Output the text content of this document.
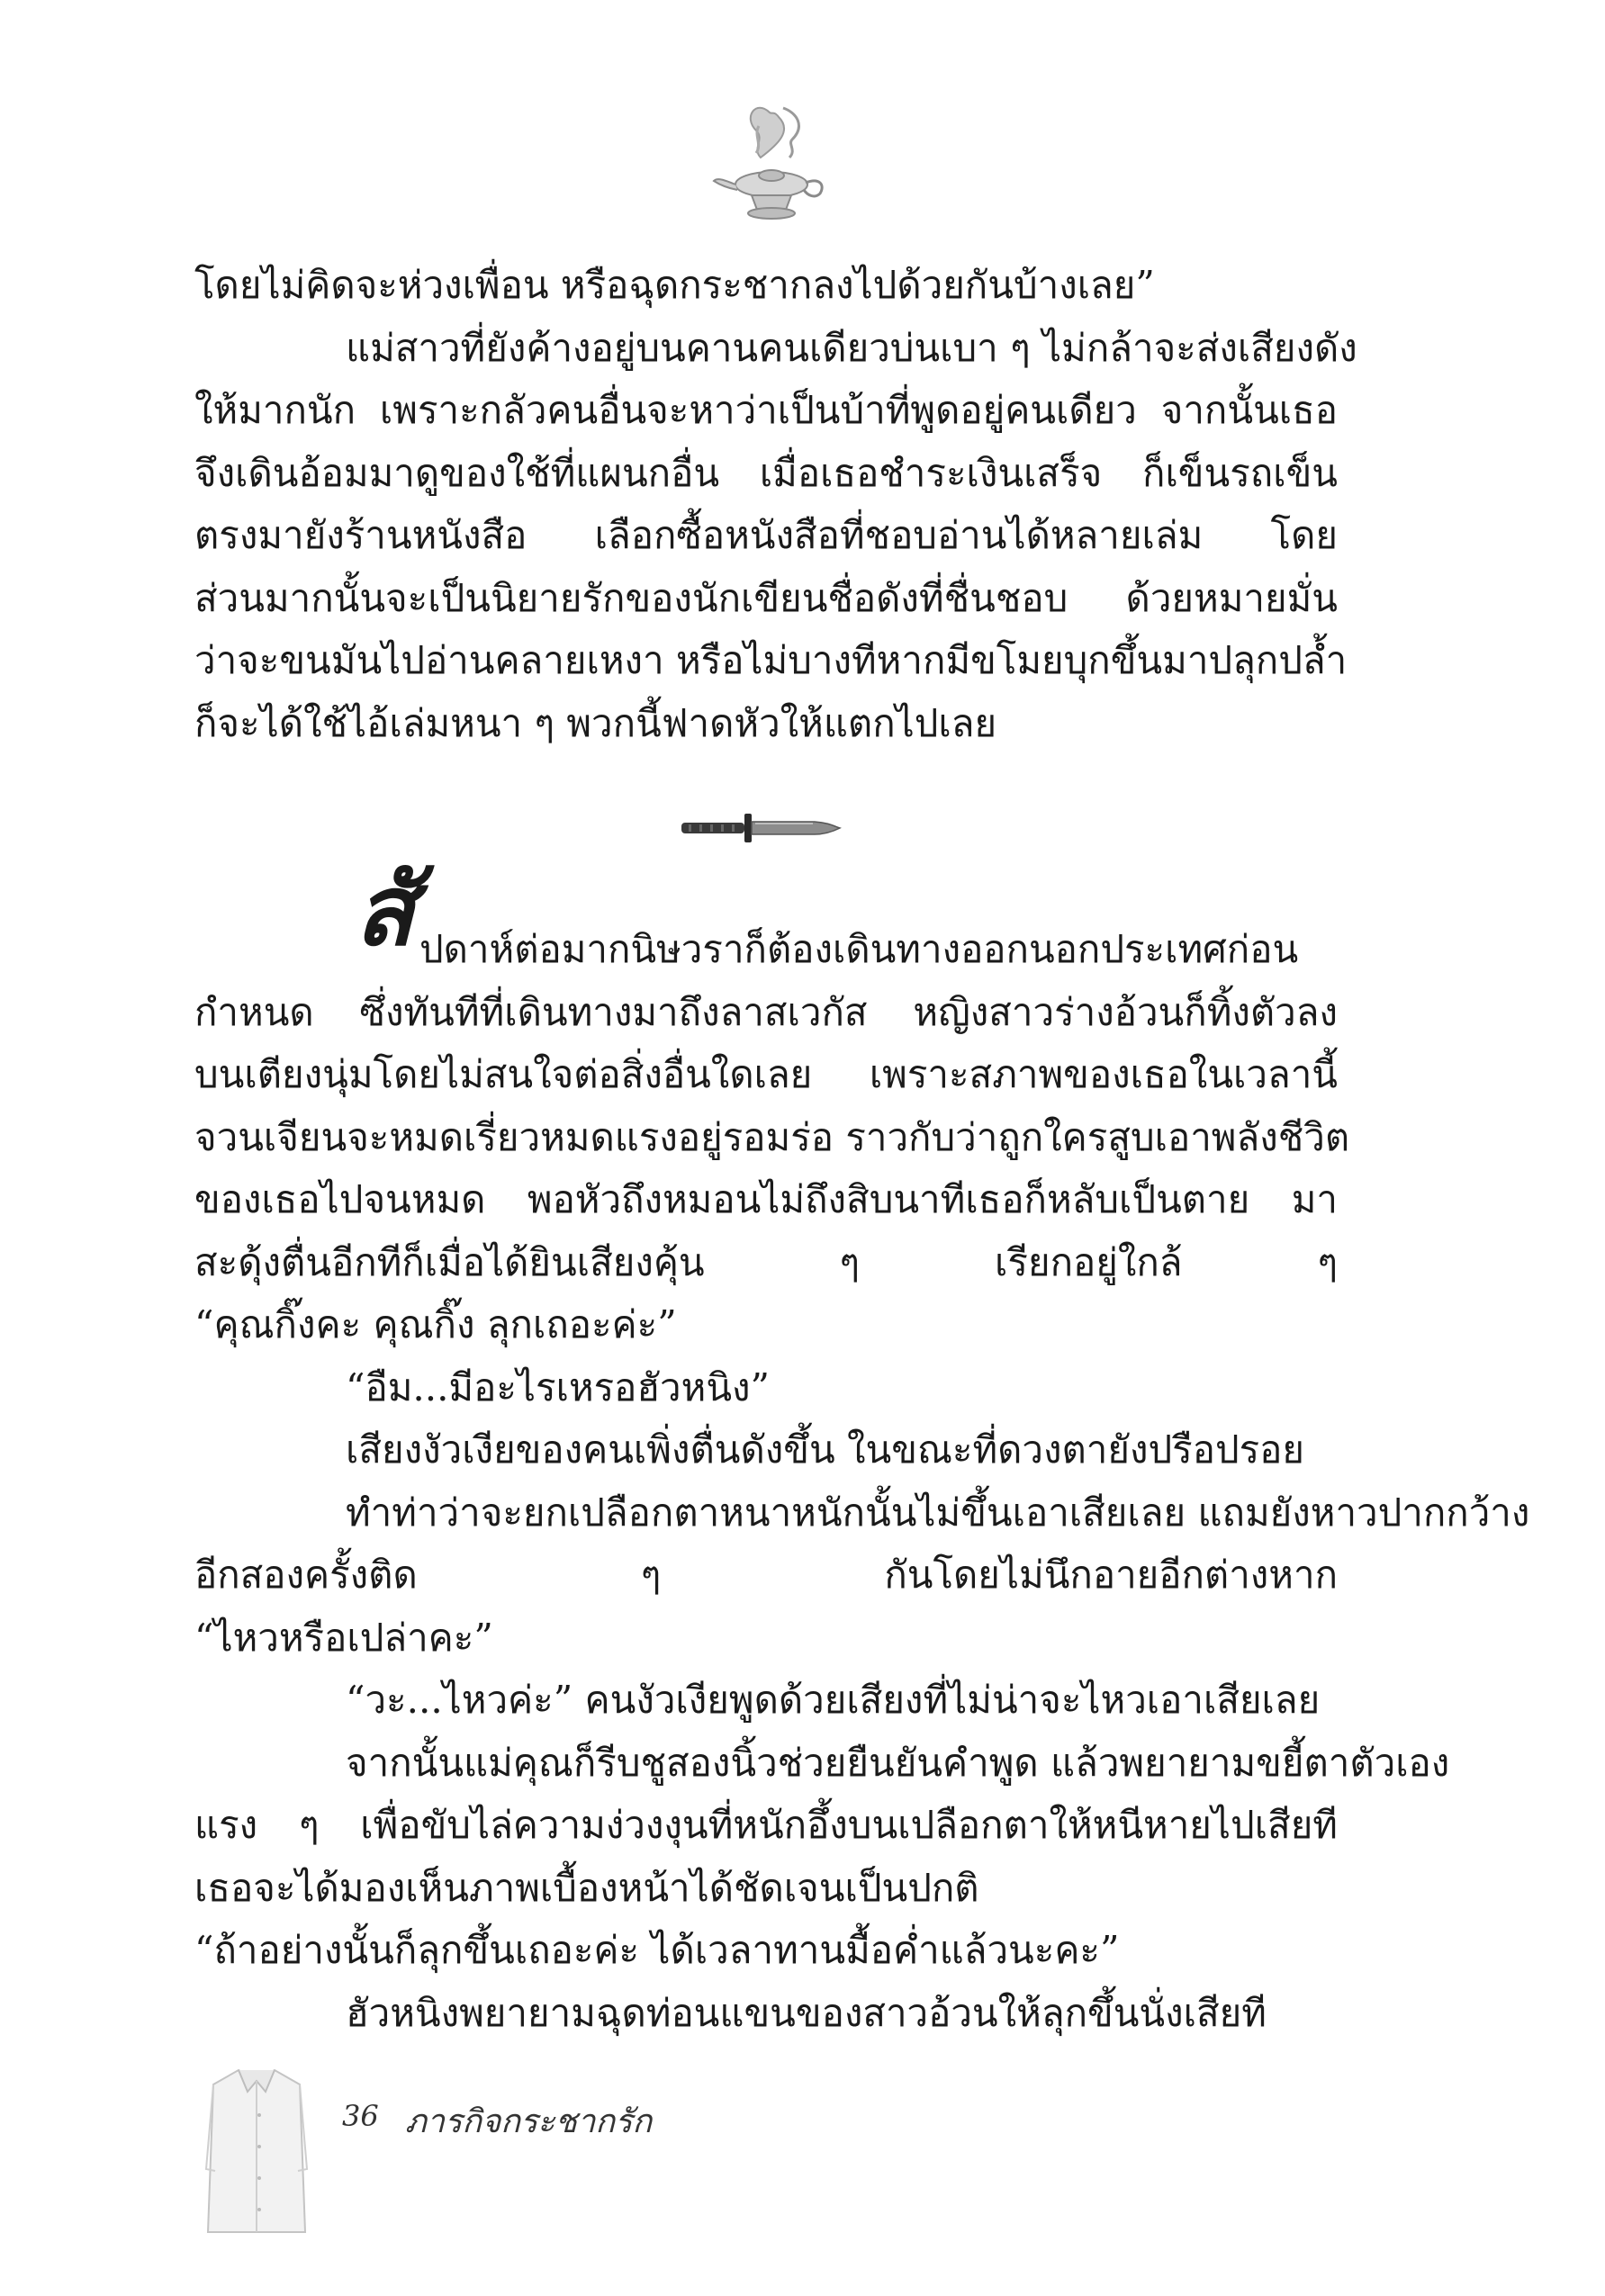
โดยไม่คิดจะห่วงเพื่อน หรือฉุดกระชากลงไปด้วยกันบ้างเลย”
แม่สาวที่ยังค้างอยู่บนคานคนเดียวบ่นเบา ๆ ไม่กล้าจะส่งเสียงดัง
ให้มากนัก เพราะกลัวคนอื่นจะหาว่าเป็นบ้าที่พูดอยู่คนเดียว จากนั้นเธอ
จึงเดินอ้อมมาดูของใช้ที่แผนกอื่น เมื่อเธอชำระเงินเสร็จ ก็เข็นรถเข็น
ตรงมายังร้านหนังสือ เลือกซื้อหนังสือที่ชอบอ่านได้หลายเล่ม โดย
ส่วนมากนั้นจะเป็นนิยายรักของนักเขียนชื่อดังที่ชื่นชอบ ด้วยหมายมั่น
ว่าจะขนมันไปอ่านคลายเหงา หรือไม่บางทีหากมีขโมยบุกขึ้นมาปลุกปล้ำ
ก็จะได้ใช้ไอ้เล่มหนา ๆ พวกนี้ฟาดหัวให้แตกไปเลย
สั ปดาห์ต่อมากนิษวราก็ต้องเดินทางออกนอกประเทศก่อน
กำหนด ซึ่งทันทีที่เดินทางมาถึงลาสเวกัส หญิงสาวร่างอ้วนก็ทิ้งตัวลง
บนเตียงนุ่มโดยไม่สนใจต่อสิ่งอื่นใดเลย เพราะสภาพของเธอในเวลานี้
จวนเจียนจะหมดเรี่ยวหมดแรงอยู่รอมร่อ ราวกับว่าถูกใครสูบเอาพลังชีวิต
ของเธอไปจนหมด พอหัวถึงหมอนไม่ถึงสิบนาทีเธอก็หลับเป็นตาย มา
สะดุ้งตื่นอีกทีก็เมื่อได้ยินเสียงคุ้น ๆ เรียกอยู่ใกล้ ๆ
“คุณกิ๊งคะ คุณกิ๊ง ลุกเถอะค่ะ”
“อืม...มีอะไรเหรอฮัวหนิง”
เสียงงัวเงียของคนเพิ่งตื่นดังขึ้น ในขณะที่ดวงตายังปรือปรอย
ทำท่าว่าจะยกเปลือกตาหนาหนักนั้นไม่ขึ้นเอาเสียเลย แถมยังหาวปากกว้าง
อีกสองครั้งติด ๆ กันโดยไม่นึกอายอีกต่างหาก
“ไหวหรือเปล่าคะ”
“วะ...ไหวค่ะ” คนงัวเงียพูดด้วยเสียงที่ไม่น่าจะไหวเอาเสียเลย
จากนั้นแม่คุณก็รีบชูสองนิ้วช่วยยืนยันคำพูด แล้วพยายามขยี้ตาตัวเอง
แรง ๆ เพื่อขับไล่ความง่วงงุนที่หนักอึ้งบนเปลือกตาให้หนีหายไปเสียที
เธอจะได้มองเห็นภาพเบื้องหน้าได้ชัดเจนเป็นปกติ
“ถ้าอย่างนั้นก็ลุกขึ้นเถอะค่ะ ได้เวลาทานมื้อค่ำแล้วนะคะ”
ฮัวหนิงพยายามฉุดท่อนแขนของสาวอ้วนให้ลุกขึ้นนั่งเสียที
36 ภารกิจกระชากรัก
